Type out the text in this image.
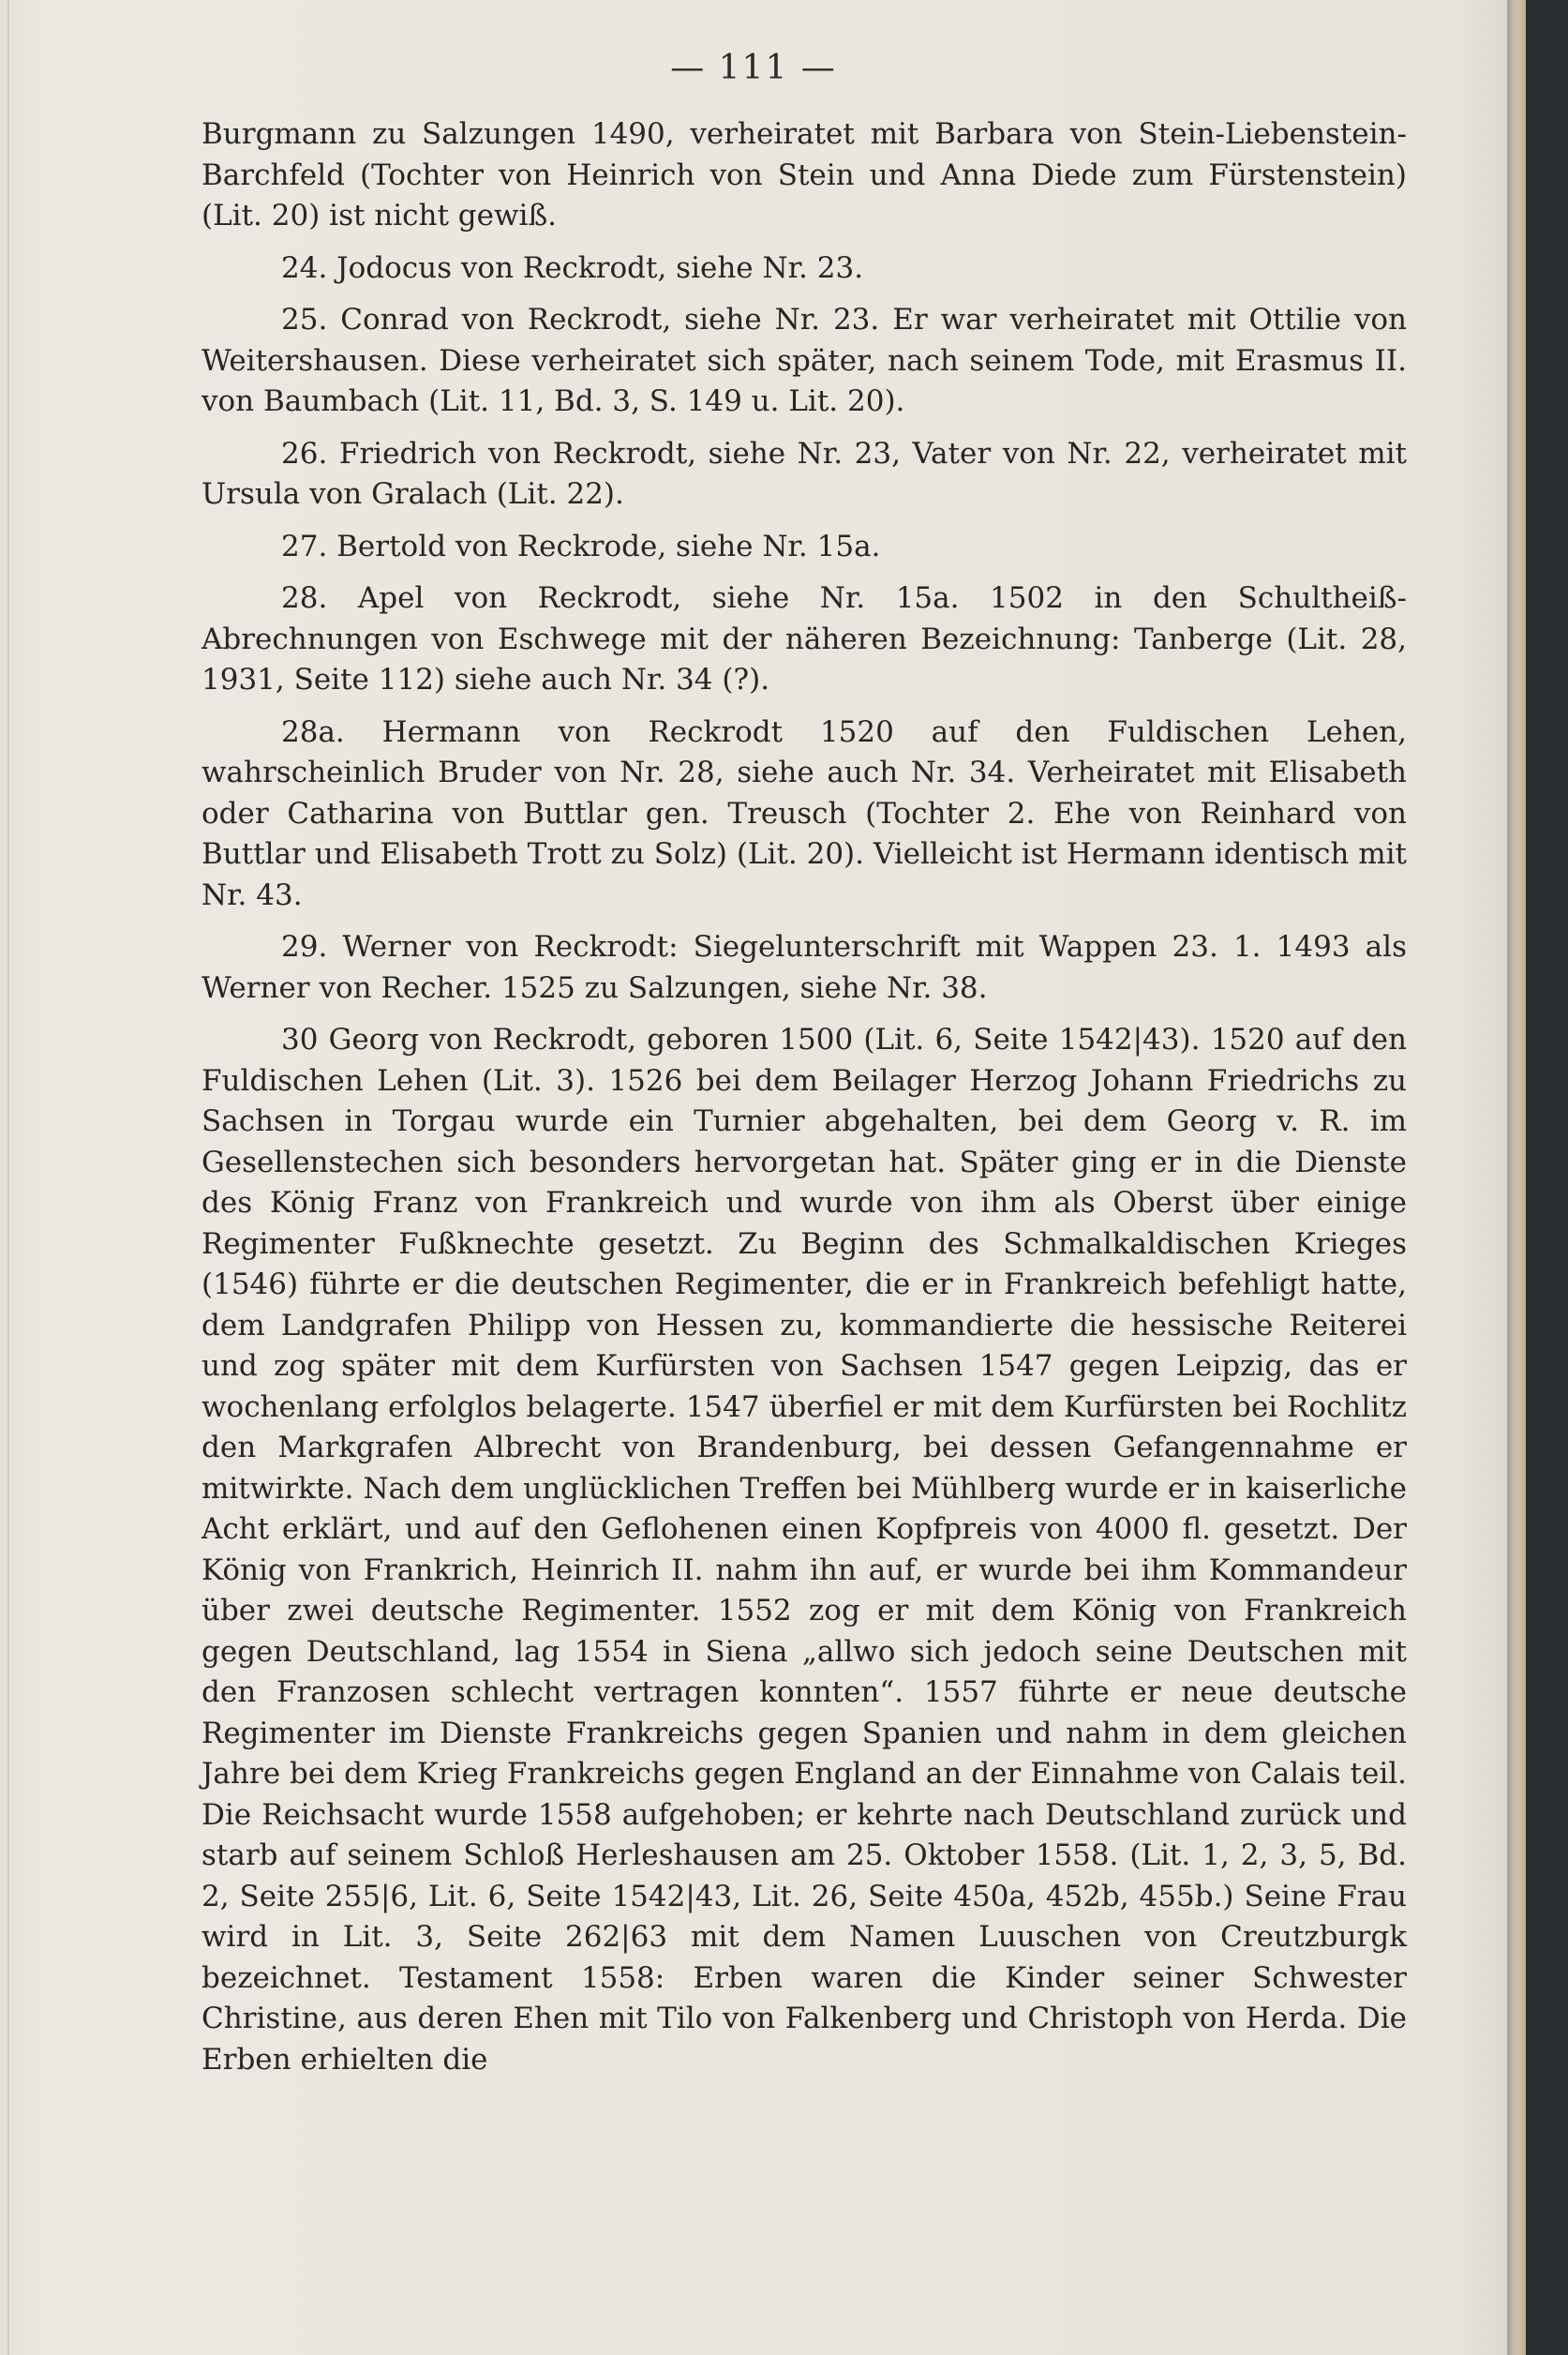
— 111 —

Burgmann zu Salzungen 1490, verheiratet mit Barbara von Stein-Liebenstein-Barchfeld (Tochter von Heinrich von Stein und Anna Diede zum Fürstenstein) (Lit. 20) ist nicht gewiß.

24. Jodocus von Reckrodt, siehe Nr. 23.

25. Conrad von Reckrodt, siehe Nr. 23. Er war verheiratet mit Ottilie von Weitershausen. Diese verheiratet sich später, nach seinem Tode, mit Erasmus II. von Baumbach (Lit. 11, Bd. 3, S. 149 u. Lit. 20).

26. Friedrich von Reckrodt, siehe Nr. 23, Vater von Nr. 22, verheiratet mit Ursula von Gralach (Lit. 22).

27. Bertold von Reckrode, siehe Nr. 15a.

28. Apel von Reckrodt, siehe Nr. 15a. 1502 in den Schultheiß-Abrechnungen von Eschwege mit der näheren Bezeichnung: Tanberge (Lit. 28, 1931, Seite 112) siehe auch Nr. 34 (?).

28a. Hermann von Reckrodt 1520 auf den Fuldischen Lehen, wahrscheinlich Bruder von Nr. 28, siehe auch Nr. 34. Verheiratet mit Elisabeth oder Catharina von Buttlar gen. Treusch (Tochter 2. Ehe von Reinhard von Buttlar und Elisabeth Trott zu Solz) (Lit. 20). Vielleicht ist Hermann identisch mit Nr. 43.

29. Werner von Reckrodt: Siegelunterschrift mit Wappen 23. 1. 1493 als Werner von Recher. 1525 zu Salzungen, siehe Nr. 38.

30 Georg von Reckrodt, geboren 1500 (Lit. 6, Seite 1542|43). 1520 auf den Fuldischen Lehen (Lit. 3). 1526 bei dem Beilager Herzog Johann Friedrichs zu Sachsen in Torgau wurde ein Turnier abgehalten, bei dem Georg v. R. im Gesellenstechen sich besonders hervorgetan hat. Später ging er in die Dienste des König Franz von Frankreich und wurde von ihm als Oberst über einige Regimenter Fußknechte gesetzt. Zu Beginn des Schmalkaldischen Krieges (1546) führte er die deutschen Regimenter, die er in Frankreich befehligt hatte, dem Landgrafen Philipp von Hessen zu, kommandierte die hessische Reiterei und zog später mit dem Kurfürsten von Sachsen 1547 gegen Leipzig, das er wochenlang erfolglos belagerte. 1547 überfiel er mit dem Kurfürsten bei Rochlitz den Markgrafen Albrecht von Brandenburg, bei dessen Gefangennahme er mitwirkte. Nach dem unglücklichen Treffen bei Mühlberg wurde er in kaiserliche Acht erklärt, und auf den Geflohenen einen Kopfpreis von 4000 fl. gesetzt. Der König von Frankrich, Heinrich II. nahm ihn auf, er wurde bei ihm Kommandeur über zwei deutsche Regimenter. 1552 zog er mit dem König von Frankreich gegen Deutschland, lag 1554 in Siena „allwo sich jedoch seine Deutschen mit den Franzosen schlecht vertragen konnten“. 1557 führte er neue deutsche Regimenter im Dienste Frankreichs gegen Spanien und nahm in dem gleichen Jahre bei dem Krieg Frankreichs gegen England an der Einnahme von Calais teil. Die Reichsacht wurde 1558 aufgehoben; er kehrte nach Deutschland zurück und starb auf seinem Schloß Herleshausen am 25. Oktober 1558. (Lit. 1, 2, 3, 5, Bd. 2, Seite 255|6, Lit. 6, Seite 1542|43, Lit. 26, Seite 450a, 452b, 455b.) Seine Frau wird in Lit. 3, Seite 262|63 mit dem Namen Luuschen von Creutzburgk bezeichnet. Testament 1558: Erben waren die Kinder seiner Schwester Christine, aus deren Ehen mit Tilo von Falkenberg und Christoph von Herda. Die Erben erhielten die
